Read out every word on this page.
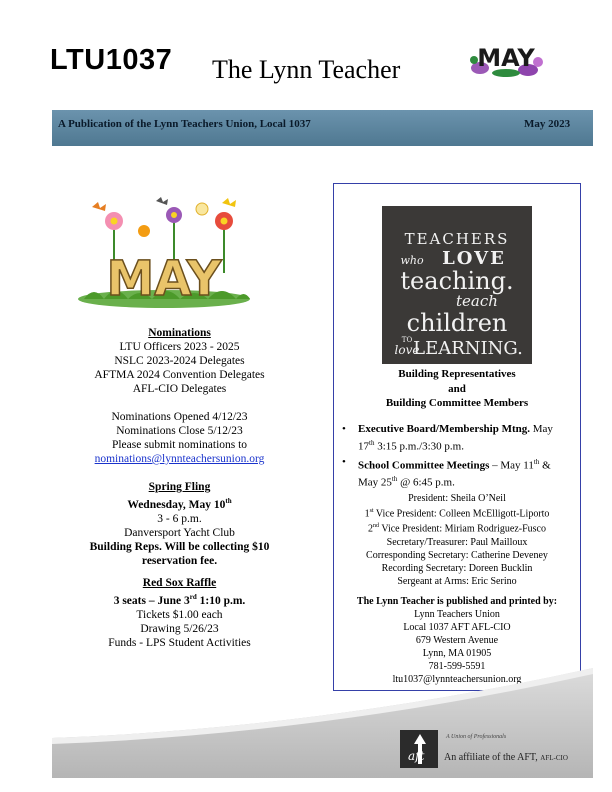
LTU1037 The Lynn Teacher	MAY
A Publication of the Lynn Teachers Union, Local 1037	May 2023
MAY
Nominations
LTU Officers 2023 - 2025
NSLC 2023-2024 Delegates
AFTMA 2024 Convention Delegates
AFL-CIO Delegates
Nominations Opened 4/12/23
Nominations Close 5/12/23
Please submit nominations to
nominations@lynnteachersunion.org
Spring Fling
Wednesday, May 10th
3 - 6 p.m.
Danversport Yacht Club
Building Reps. Will be collecting $10
reservation fee.
Red Sox Raffle
3 seats – June 3rd 1:10 p.m.
Tickets $1.00 each
Drawing 5/26/23
Funds - LPS Student Activities
TEACHERS
who LOVE
teaching.
teach
children
TO
love
LEARNING.
Building Representatives
and
Building Committee Members
• Executive Board/Membership Mtng. May
17th 3:15 p.m./3:30 p.m.
• School Committee Meetings – May 11th &
May 25th @ 6:45 p.m.
President: Sheila O’Neil
1st Vice President: Colleen McElligott-Liporto
2nd Vice President: Miriam Rodriguez-Fusco
Secretary/Treasurer: Paul Mailloux
Corresponding Secretary: Catherine Deveney
Recording Secretary: Doreen Bucklin
Sergeant at Arms: Eric Serino
The Lynn Teacher is published and printed by:
Lynn Teachers Union
Local 1037 AFT AFL-CIO
679 Western Avenue
Lynn, MA 01905
781-599-5591
ltu1037@lynnteachersunion.org
aft
A Union of Professionals
An affiliate of the AFT, AFL-CIO
